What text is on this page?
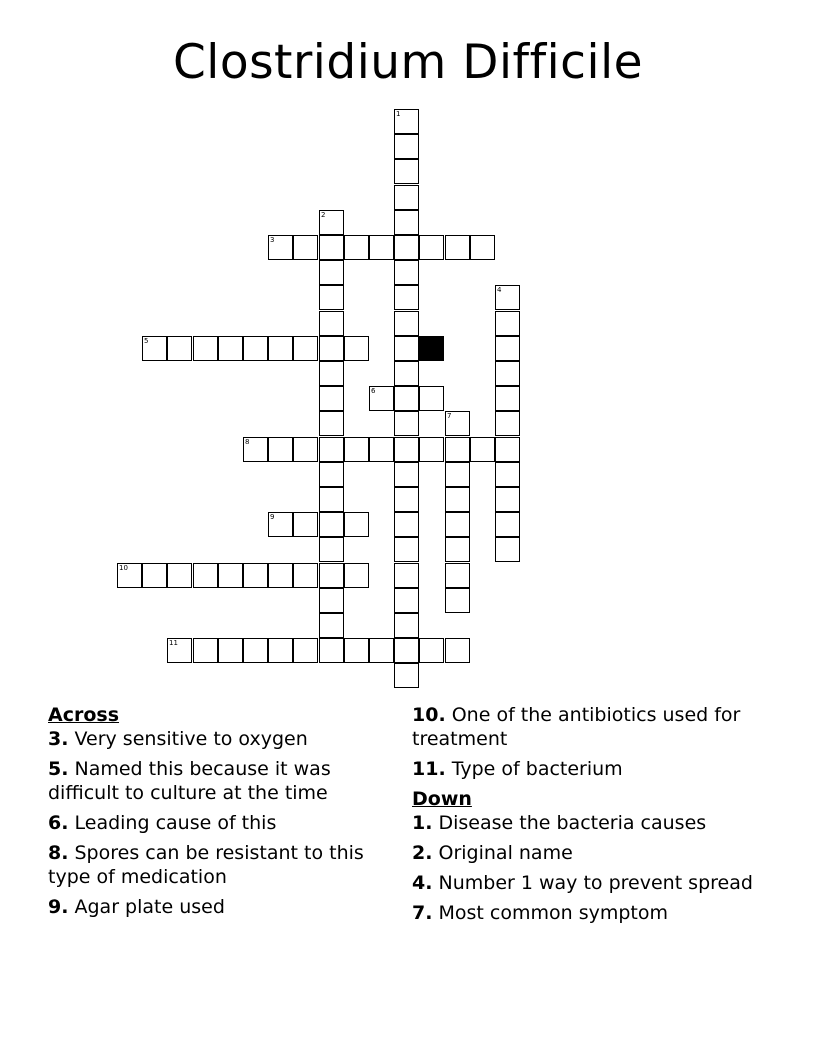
Clostridium Difficile
1
2
3
4
5
6
7
8
9
10
11
Across
3. Very sensitive to oxygen
5. Named this because it was difficult to culture at the time
6. Leading cause of this
8. Spores can be resistant to this type of medication
9. Agar plate used
10. One of the antibiotics used for treatment
11. Type of bacterium
Down
1. Disease the bacteria causes
2. Original name
4. Number 1 way to prevent spread
7. Most common symptom
